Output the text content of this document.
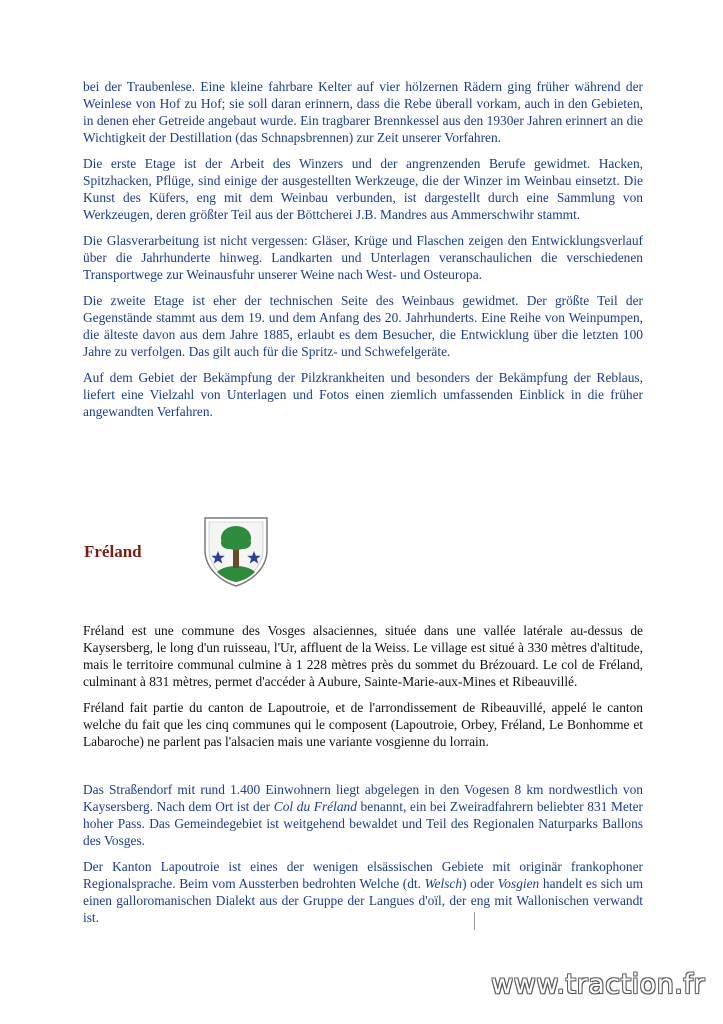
bei der Traubenlese. Eine kleine fahrbare Kelter auf vier hölzernen Rädern ging früher während der Weinlese von Hof zu Hof; sie soll daran erinnern, dass die Rebe überall vorkam, auch in den Gebieten, in denen eher Getreide angebaut wurde. Ein tragbarer Brennkessel aus den 1930er Jahren erinnert an die Wichtigkeit der Destillation (das Schnapsbrennen) zur Zeit unserer Vorfahren.

Die erste Etage ist der Arbeit des Winzers und der angrenzenden Berufe gewidmet. Hacken, Spitzhacken, Pflüge, sind einige der ausgestellten Werkzeuge, die der Winzer im Weinbau einsetzt. Die Kunst des Küfers, eng mit dem Weinbau verbunden, ist dargestellt durch eine Sammlung von Werkzeugen, deren größter Teil aus der Böttcherei J.B. Mandres aus Ammerschwihr stammt.

Die Glasverarbeitung ist nicht vergessen: Gläser, Krüge und Flaschen zeigen den Entwicklungsverlauf über die Jahrhunderte hinweg. Landkarten und Unterlagen veranschaulichen die verschiedenen Transportwege zur Weinausfuhr unserer Weine nach West- und Osteuropa.

Die zweite Etage ist eher der technischen Seite des Weinbaus gewidmet. Der größte Teil der Gegenstände stammt aus dem 19. und dem Anfang des 20. Jahrhunderts. Eine Reihe von Weinpumpen, die älteste davon aus dem Jahre 1885, erlaubt es dem Besucher, die Entwicklung über die letzten 100 Jahre zu verfolgen. Das gilt auch für die Spritz- und Schwefelgeräte.

Auf dem Gebiet der Bekämpfung der Pilzkrankheiten und besonders der Bekämpfung der Reblaus, liefert eine Vielzahl von Unterlagen und Fotos einen ziemlich umfassenden Einblick in die früher angewandten Verfahren.

Fréland

Fréland est une commune des Vosges alsaciennes, située dans une vallée latérale au-dessus de Kaysersberg, le long d'un ruisseau, l'Ur, affluent de la Weiss. Le village est situé à 330 mètres d'altitude, mais le territoire communal culmine à 1 228 mètres près du sommet du Brézouard. Le col de Fréland, culminant à 831 mètres, permet d'accéder à Aubure, Sainte-Marie-aux-Mines et Ribeauvillé.

Fréland fait partie du canton de Lapoutroie, et de l'arrondissement de Ribeauvillé, appelé le canton welche du fait que les cinq communes qui le composent (Lapoutroie, Orbey, Fréland, Le Bonhomme et Labaroche) ne parlent pas l'alsacien mais une variante vosgienne du lorrain.

Das Straßendorf mit rund 1.400 Einwohnern liegt abgelegen in den Vogesen 8 km nordwestlich von Kaysersberg. Nach dem Ort ist der Col du Fréland benannt, ein bei Zweiradfahrern beliebter 831 Meter hoher Pass. Das Gemeindegebiet ist weitgehend bewaldet und Teil des Regionalen Naturparks Ballons des Vosges.

Der Kanton Lapoutroie ist eines der wenigen elsässischen Gebiete mit originär frankophoner Regionalsprache. Beim vom Aussterben bedrohten Welche (dt. Welsch) oder Vosgien handelt es sich um einen galloromanischen Dialekt aus der Gruppe der Langues d'oïl, der eng mit Wallonischen verwandt ist.

www.traction.fr
